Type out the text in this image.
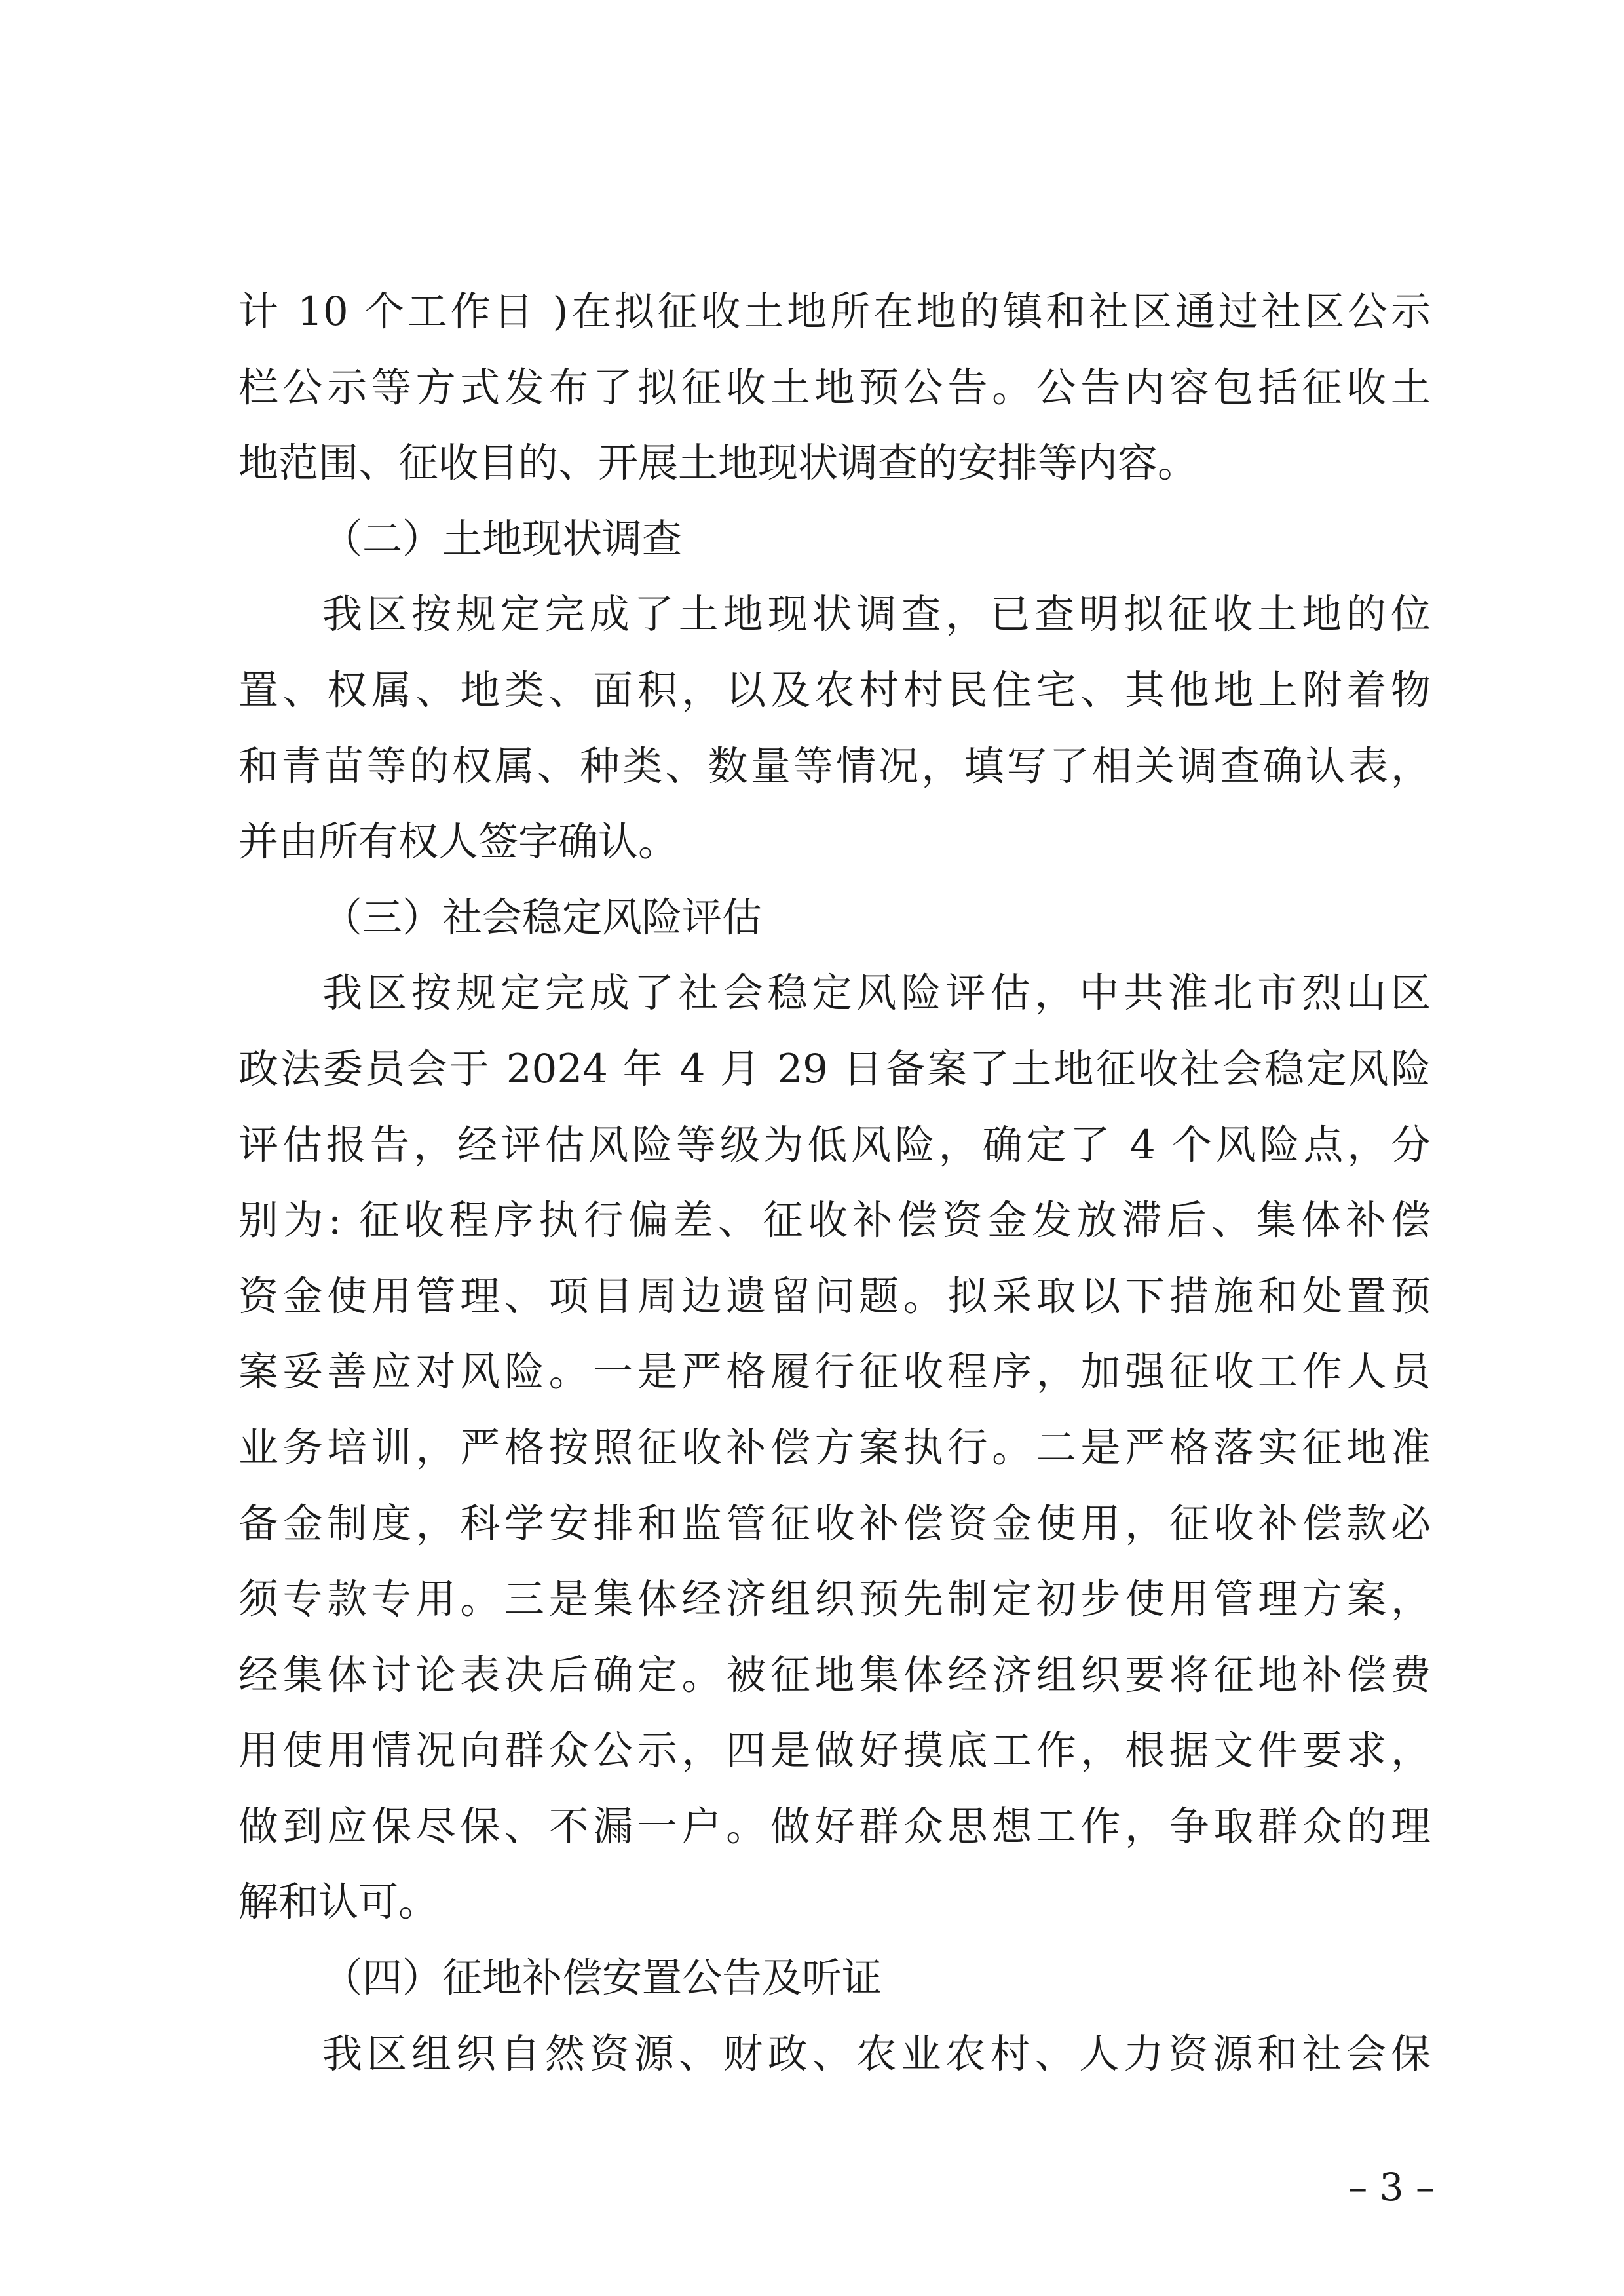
计 10 个工作日 )在拟征收土地所在地的镇和社区通过社区公示
栏公示等方式发布了拟征收土地预公告。公告内容包括征收土
地范围、征收目的、开展土地现状调查的安排等内容。
（二）土地现状调查
我区按规定完成了土地现状调查，已查明拟征收土地的位
置、权属、地类、面积，以及农村村民住宅、其他地上附着物
和青苗等的权属、种类、数量等情况，填写了相关调查确认表，
并由所有权人签字确认。
（三）社会稳定风险评估
我区按规定完成了社会稳定风险评估，中共淮北市烈山区
政法委员会于 2024 年 4 月 29 日备案了土地征收社会稳定风险
评估报告，经评估风险等级为低风险，确定了 4 个风险点，分
别为: 征收程序执行偏差、征收补偿资金发放滞后、集体补偿
资金使用管理、项目周边遗留问题。拟采取以下措施和处置预
案妥善应对风险。一是严格履行征收程序，加强征收工作人员
业务培训，严格按照征收补偿方案执行。二是严格落实征地准
备金制度，科学安排和监管征收补偿资金使用，征收补偿款必
须专款专用。三是集体经济组织预先制定初步使用管理方案，
经集体讨论表决后确定。被征地集体经济组织要将征地补偿费
用使用情况向群众公示，四是做好摸底工作，根据文件要求，
做到应保尽保、不漏一户。做好群众思想工作，争取群众的理
解和认可。
（四）征地补偿安置公告及听证
我区组织自然资源、财政、农业农村、人力资源和社会保
– 3 –
